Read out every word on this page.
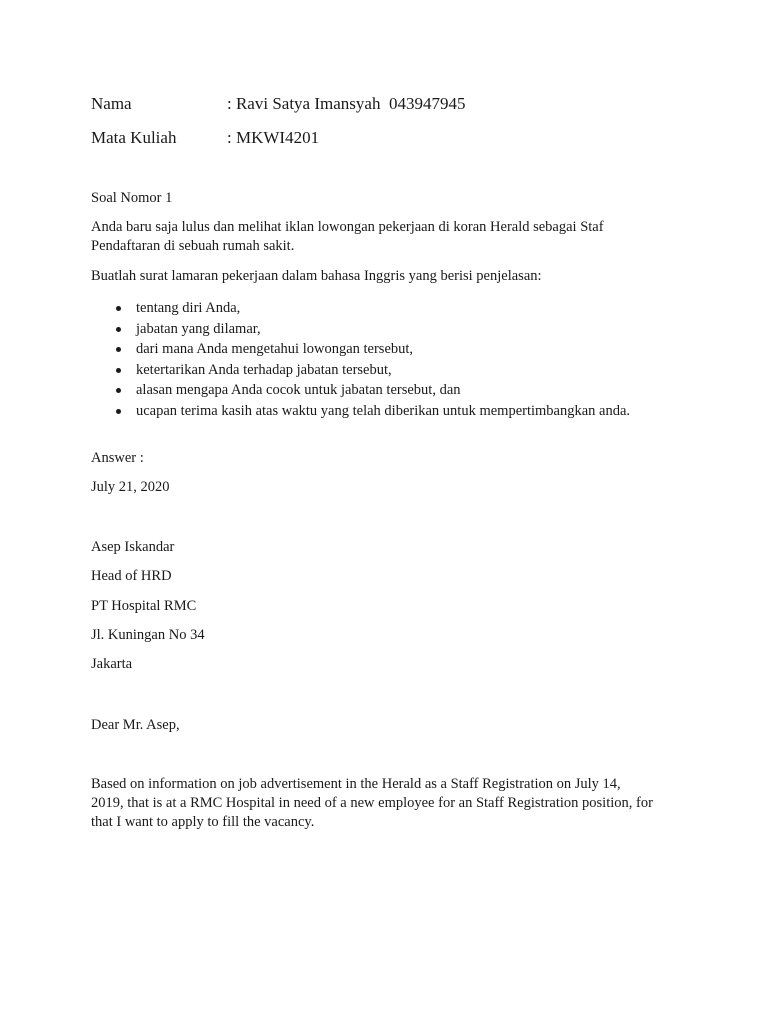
Nama	: Ravi Satya Imansyah  043947945
Mata Kuliah	: MKWI4201

Soal Nomor 1

Anda baru saja lulus dan melihat iklan lowongan pekerjaan di koran Herald sebagai Staf Pendaftaran di sebuah rumah sakit.

Buatlah surat lamaran pekerjaan dalam bahasa Inggris yang berisi penjelasan:

tentang diri Anda,
jabatan yang dilamar,
dari mana Anda mengetahui lowongan tersebut,
ketertarikan Anda terhadap jabatan tersebut,
alasan mengapa Anda cocok untuk jabatan tersebut, dan
ucapan terima kasih atas waktu yang telah diberikan untuk mempertimbangkan anda.

Answer :

July 21, 2020

Asep Iskandar

Head of HRD

PT Hospital RMC

Jl. Kuningan No 34

Jakarta

Dear Mr. Asep,

Based on information on job advertisement in the Herald as a Staff Registration on July 14,

2019, that is at a RMC Hospital in need of a new employee for an Staff Registration position, for

that I want to apply to fill the vacancy.
